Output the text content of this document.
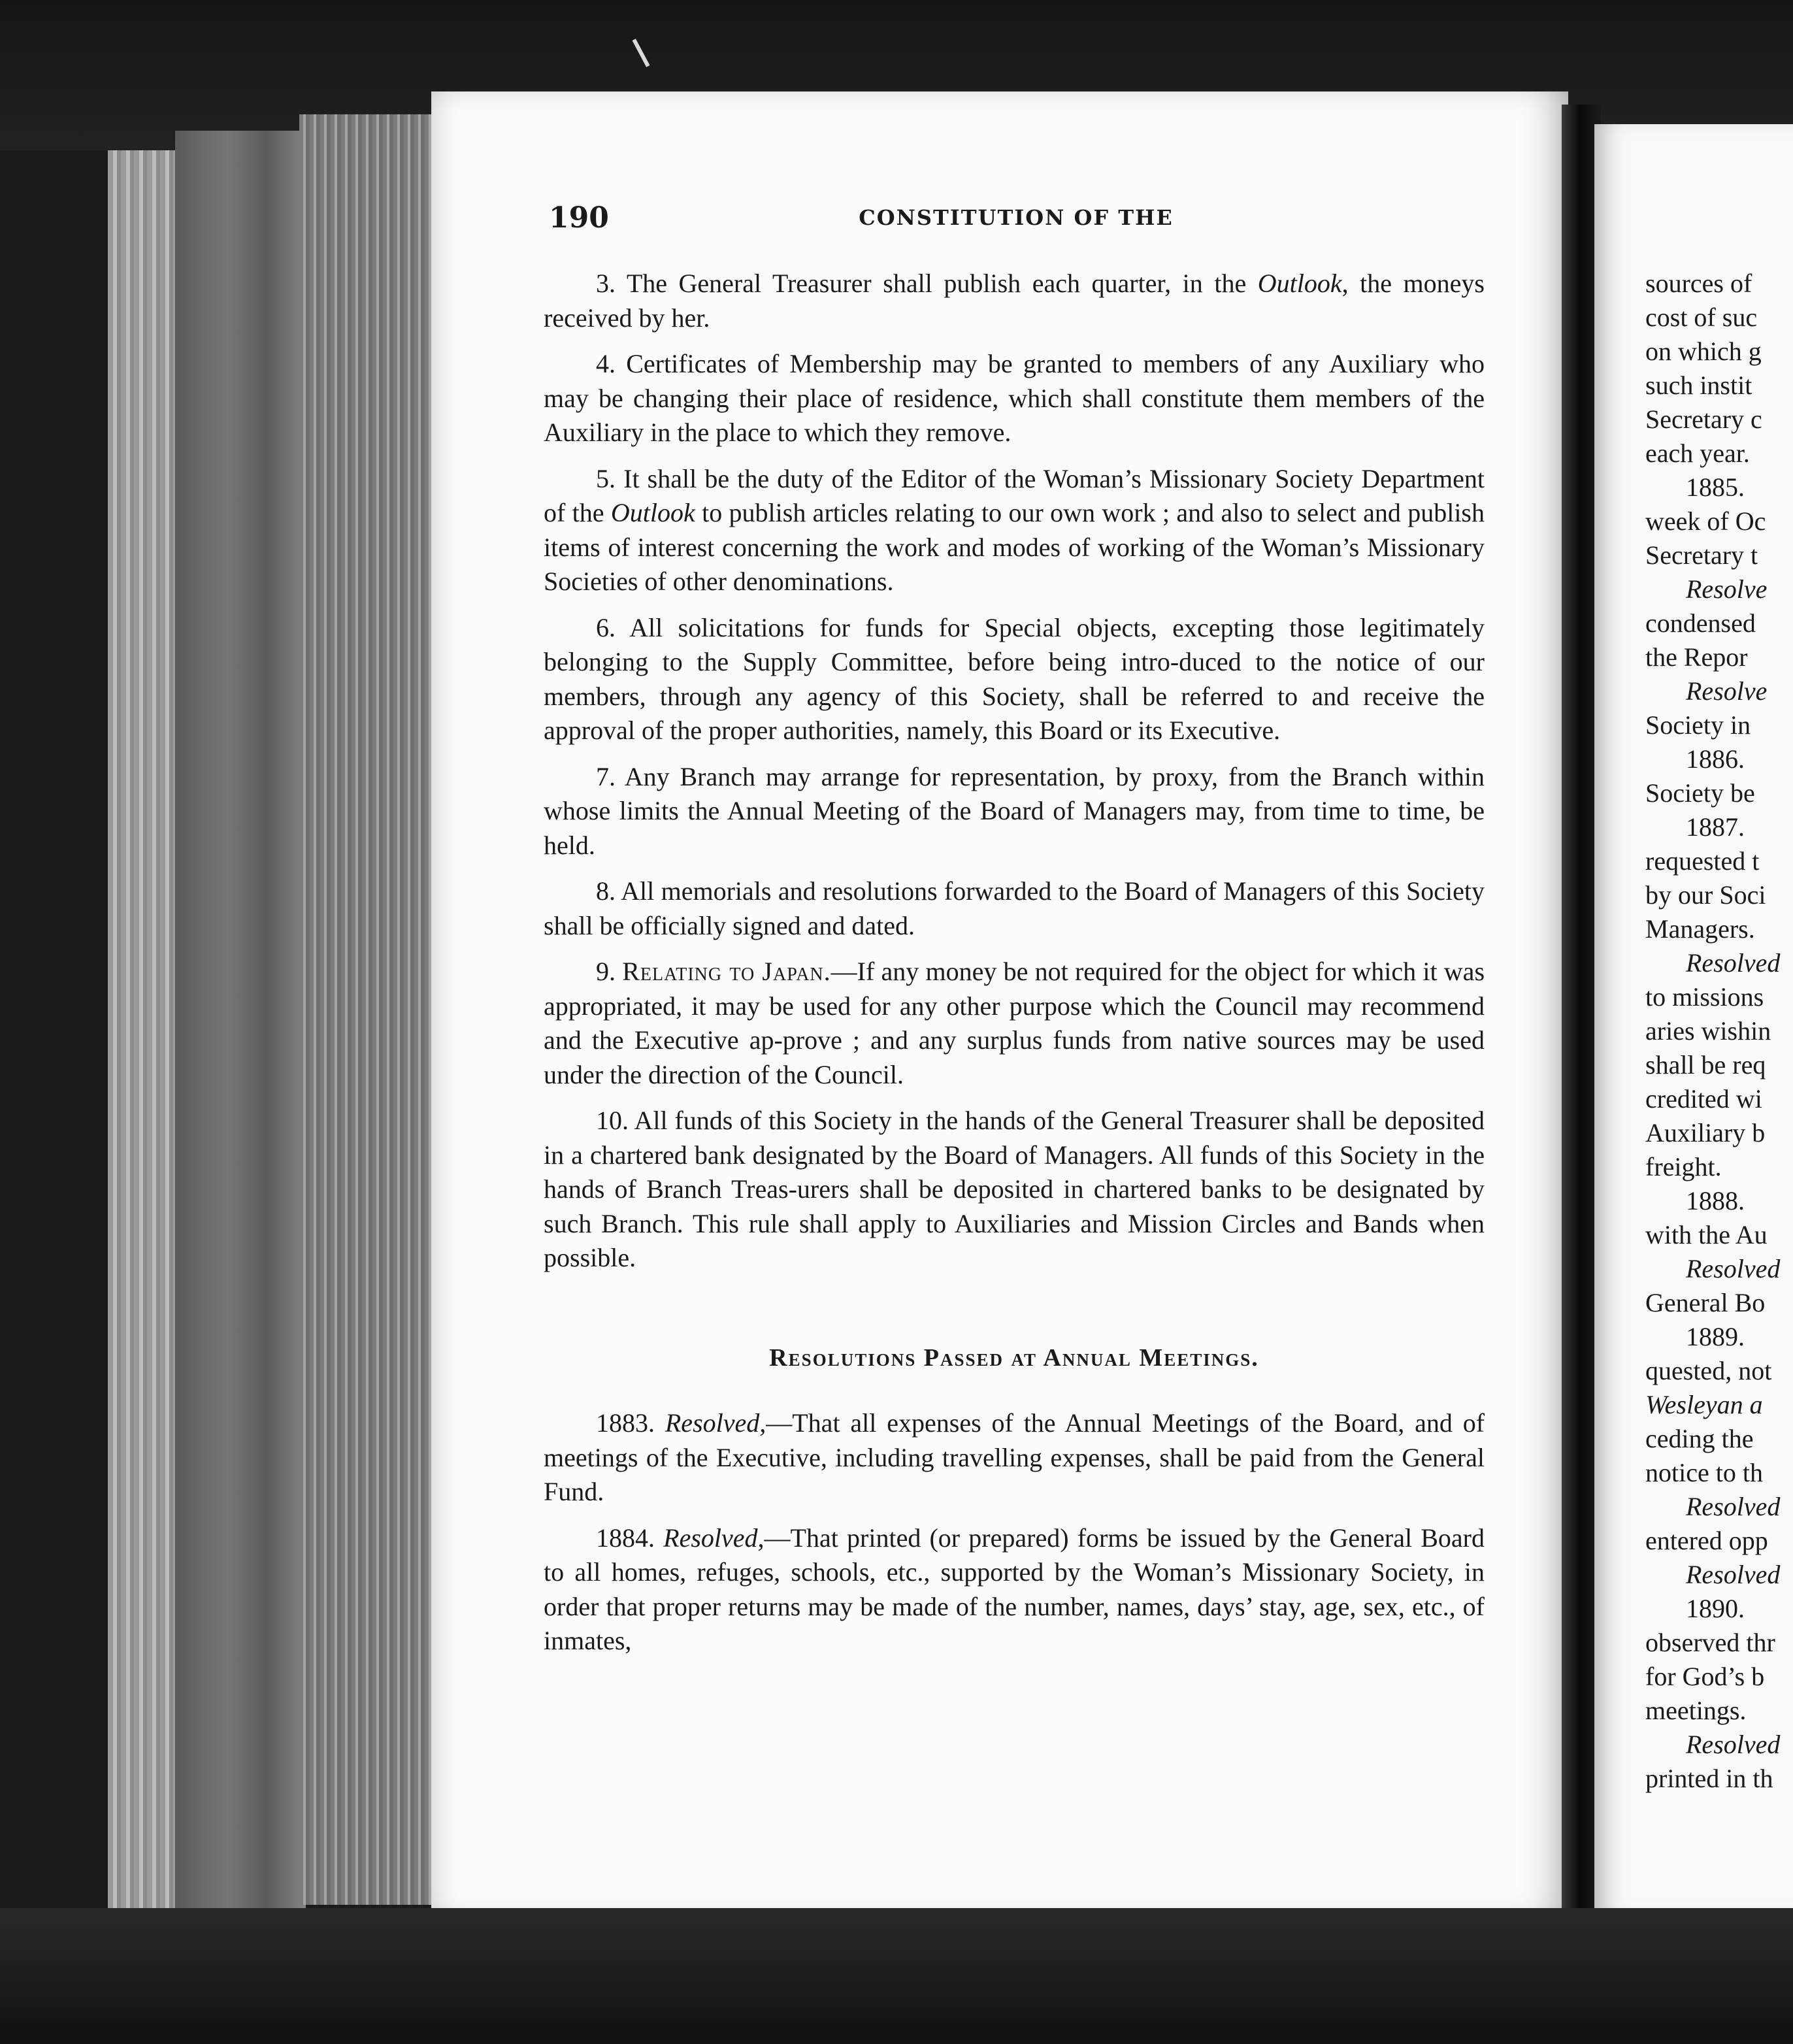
190	CONSTITUTION OF THE

3. The General Treasurer shall publish each quarter, in the Outlook, the moneys received by her.

4. Certificates of Membership may be granted to members of any Auxiliary who may be changing their place of residence, which shall constitute them members of the Auxiliary in the place to which they remove.

5. It shall be the duty of the Editor of the Woman’s Missionary Society Department of the Outlook to publish articles relating to our own work ; and also to select and publish items of interest concerning the work and modes of working of the Woman’s Missionary Societies of other denominations.

6. All solicitations for funds for Special objects, excepting those legitimately belonging to the Supply Committee, before being intro-duced to the notice of our members, through any agency of this Society, shall be referred to and receive the approval of the proper authorities, namely, this Board or its Executive.

7. Any Branch may arrange for representation, by proxy, from the Branch within whose limits the Annual Meeting of the Board of Managers may, from time to time, be held.

8. All memorials and resolutions forwarded to the Board of Managers of this Society shall be officially signed and dated.

9. Relating to Japan.—If any money be not required for the object for which it was appropriated, it may be used for any other purpose which the Council may recommend and the Executive ap-prove ; and any surplus funds from native sources may be used under the direction of the Council.

10. All funds of this Society in the hands of the General Treasurer shall be deposited in a chartered bank designated by the Board of Managers. All funds of this Society in the hands of Branch Treas-urers shall be deposited in chartered banks to be designated by such Branch. This rule shall apply to Auxiliaries and Mission Circles and Bands when possible.

Resolutions Passed at Annual Meetings.

1883. Resolved,—That all expenses of the Annual Meetings of the Board, and of meetings of the Executive, including travelling expenses, shall be paid from the General Fund.

1884. Resolved,—That printed (or prepared) forms be issued by the General Board to all homes, refuges, schools, etc., supported by the Woman’s Missionary Society, in order that proper returns may be made of the number, names, days’ stay, age, sex, etc., of inmates,

sources of
cost of suc
on which g
such instit
Secretary c
each year.
1885.
week of Oc
Secretary t
Resolve
condensed
the Repor
Resolve
Society in
1886.
Society be
1887.
requested t
by our Soci
Managers.
Resolved
to missions
aries wishin
shall be req
credited wi
Auxiliary b
freight.
1888.
with the Au
Resolved
General Bo
1889.
quested, not
Wesleyan a
ceding the
notice to th
Resolved
entered opp
Resolved
1890.
observed thr
for God’s b
meetings.
Resolved
printed in th
